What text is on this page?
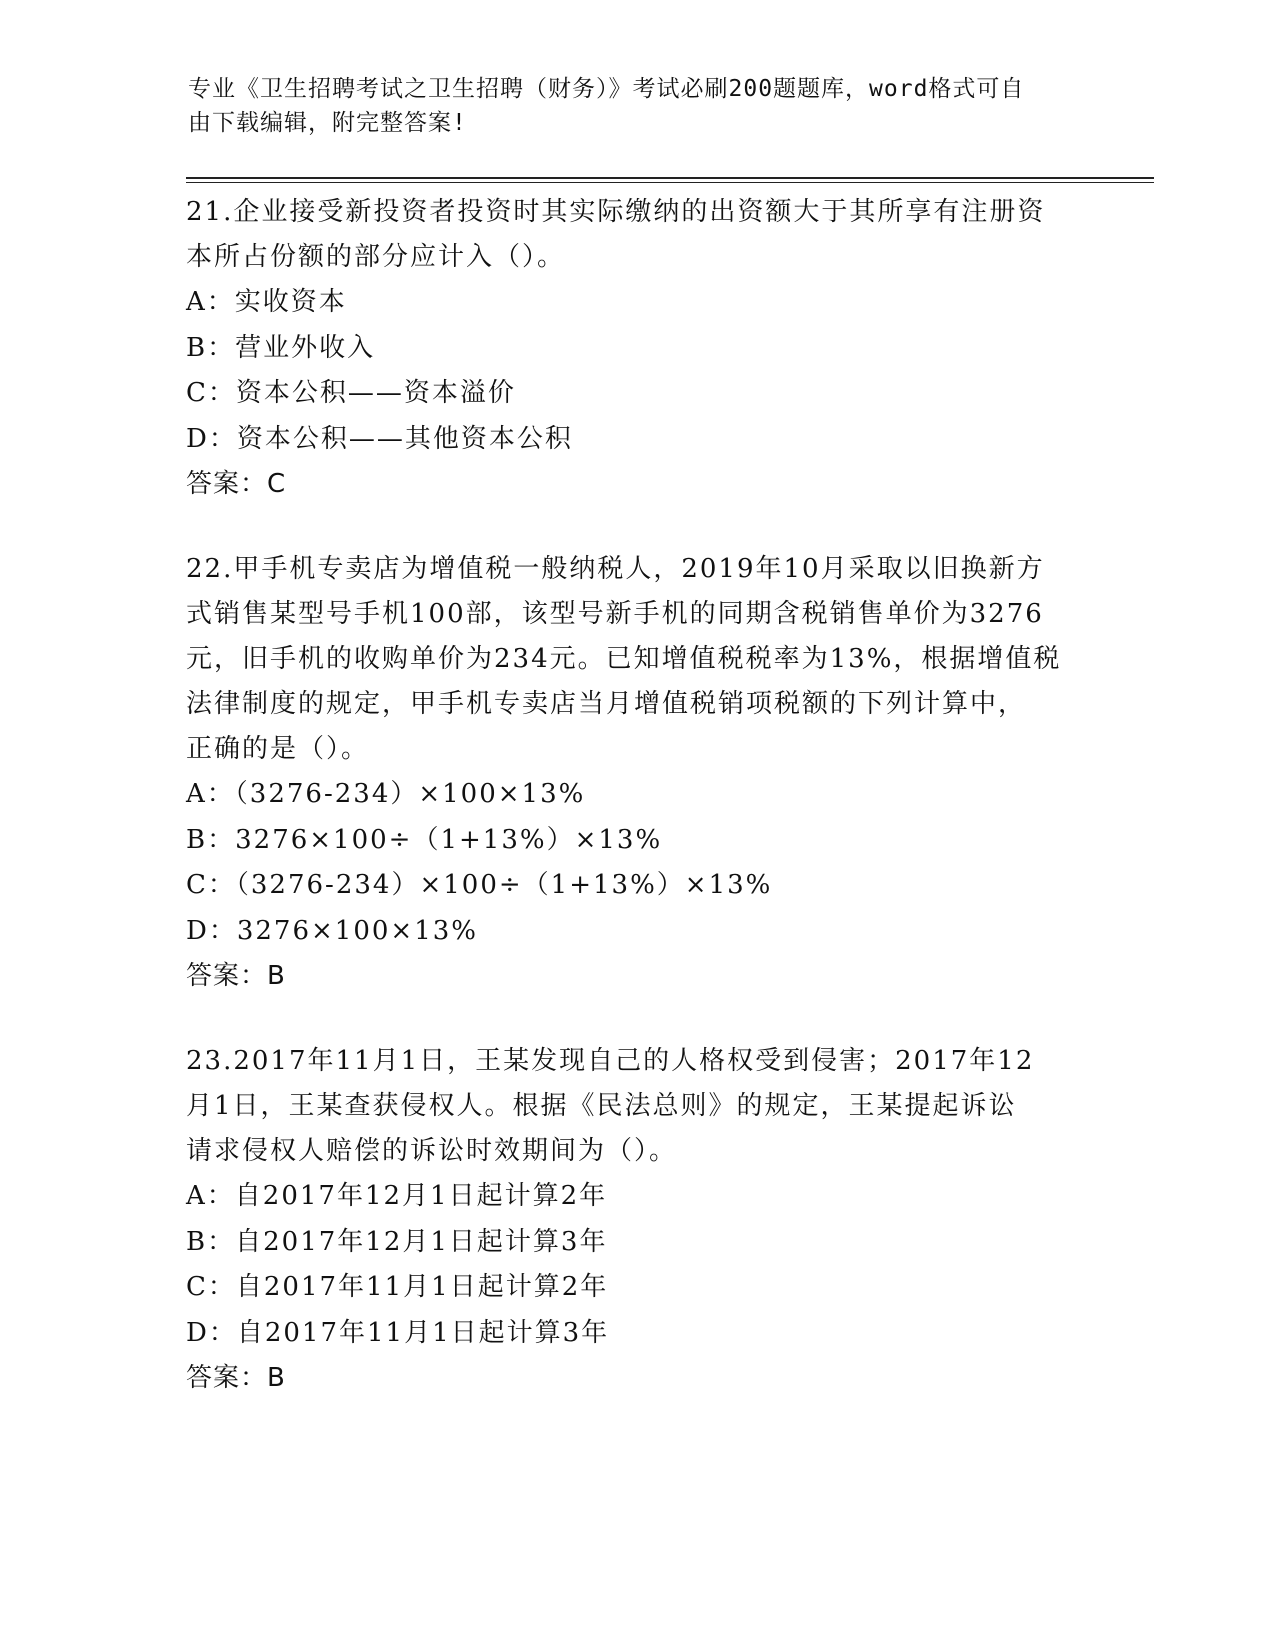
专业《卫生招聘考试之卫生招聘（财务）》考试必刷200题题库，word格式可自
由下载编辑，附完整答案!

21.企业接受新投资者投资时其实际缴纳的出资额大于其所享有注册资

本所占份额的部分应计入（）。

A：实收资本

B：营业外收入

C：资本公积——资本溢价

D：资本公积——其他资本公积

答案：C

22.甲手机专卖店为增值税一般纳税人，2019年10月采取以旧换新方

式销售某型号手机100部，该型号新手机的同期含税销售单价为3276

元，旧手机的收购单价为234元。已知增值税税率为13%，根据增值税

法律制度的规定，甲手机专卖店当月增值税销项税额的下列计算中，

正确的是（）。

A：（3276-234）×100×13%

B：3276×100÷（1+13%）×13%

C：（3276-234）×100÷（1+13%）×13%

D：3276×100×13%

答案：B

23.2017年11月1日，王某发现自己的人格权受到侵害；2017年12

月1日，王某查获侵权人。根据《民法总则》的规定，王某提起诉讼

请求侵权人赔偿的诉讼时效期间为（）。

A：自2017年12月1日起计算2年

B：自2017年12月1日起计算3年

C：自2017年11月1日起计算2年

D：自2017年11月1日起计算3年

答案：B
